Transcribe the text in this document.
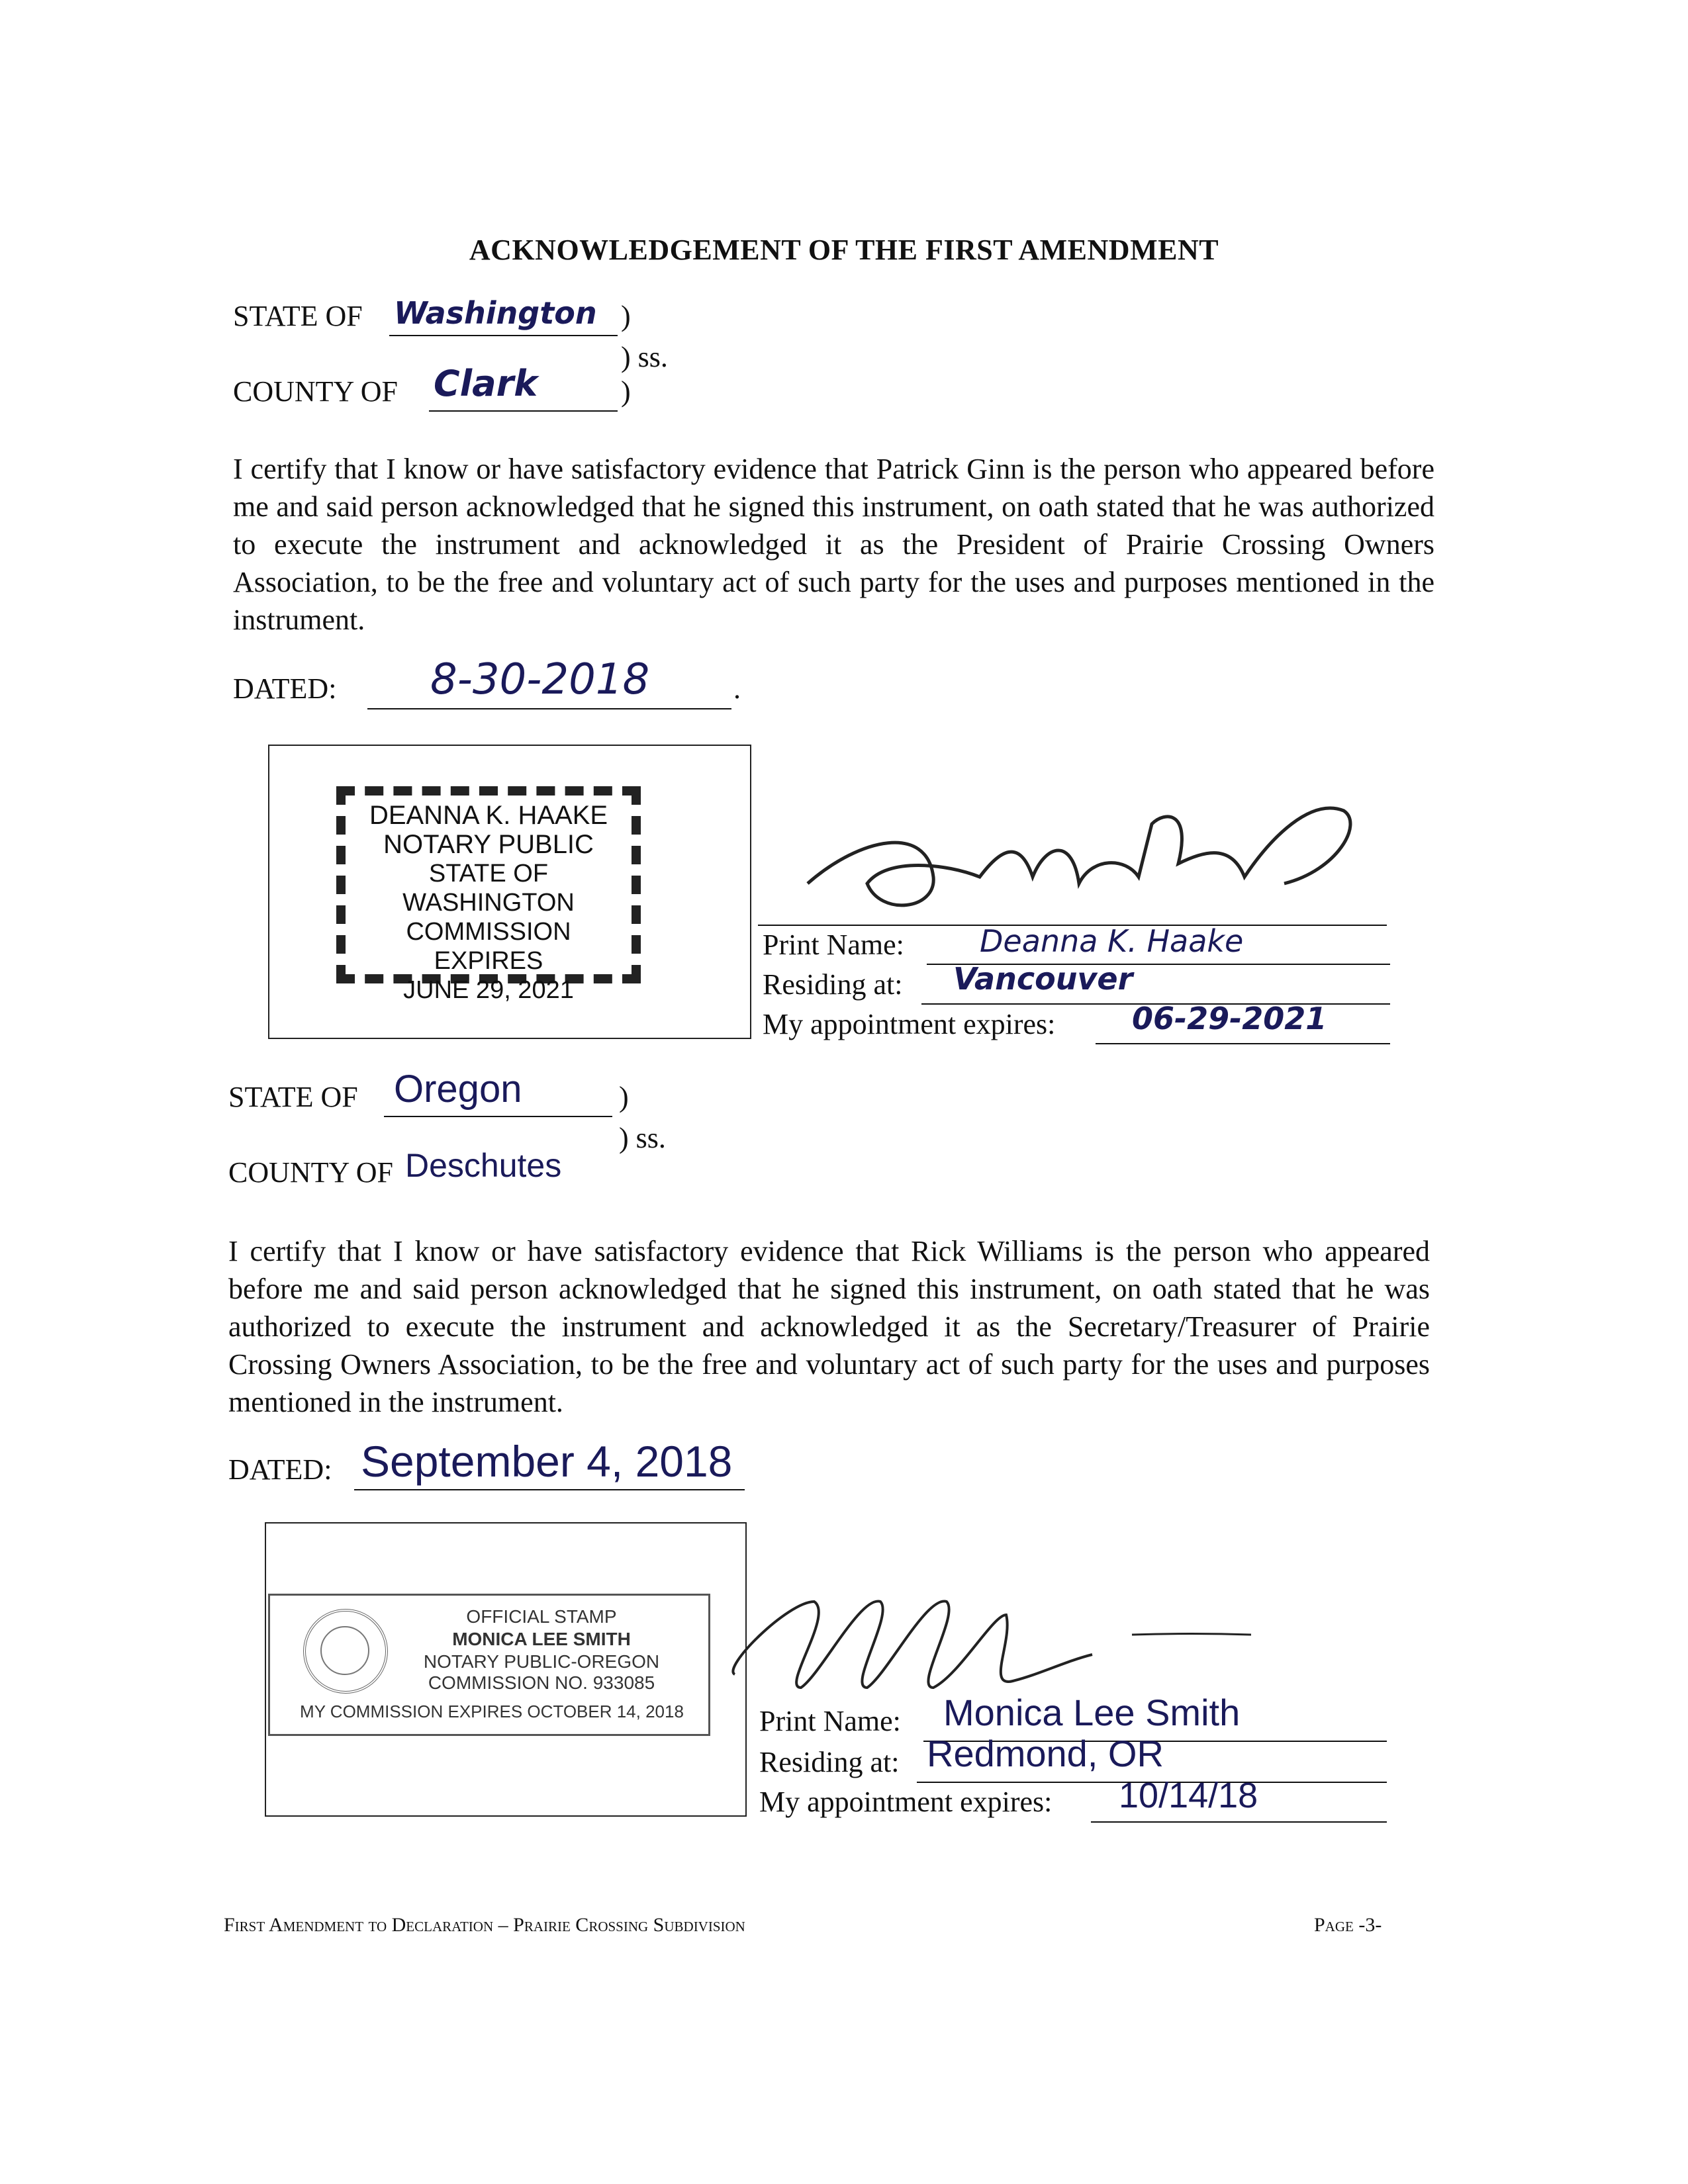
ACKNOWLEDGEMENT OF THE FIRST AMENDMENT
STATE OF Washington )
) ss.
COUNTY OF Clark	)
I certify that I know or have satisfactory evidence that Patrick Ginn is the person who appeared before me and said person acknowledged that he signed this instrument, on oath stated that he was authorized to execute the instrument and acknowledged it as the President of Prairie Crossing Owners Association, to be the free and voluntary act of such party for the uses and purposes mentioned in the instrument.
DATED: 8-30-2018	.
DEANNA K. HAAKE
NOTARY PUBLIC
STATE OF WASHINGTON
COMMISSION EXPIRES
JUNE 29, 2021
Print Name: Deanna K. Haake
Residing at: Vancouver
My appointment expires:	06-29-2021
STATE OF Oregon	)
) ss.
COUNTY OF Deschutes
I certify that I know or have satisfactory evidence that Rick Williams is the person who appeared before me and said person acknowledged that he signed this instrument, on oath stated that he was authorized to execute the instrument and acknowledged it as the Secretary/Treasurer of Prairie Crossing Owners Association, to be the free and voluntary act of such party for the uses and purposes mentioned in the instrument.
DATED: September 4, 2018
OFFICIAL STAMP
MONICA LEE SMITH
NOTARY PUBLIC-OREGON
COMMISSION NO. 933085
MY COMMISSION EXPIRES OCTOBER 14, 2018	Print Name: Monica Lee Smith
Residing at: Redmond, OR
My appointment expires: 10/14/18
First Amendment to Declaration – Prairie Crossing Subdivision	Page -3-
